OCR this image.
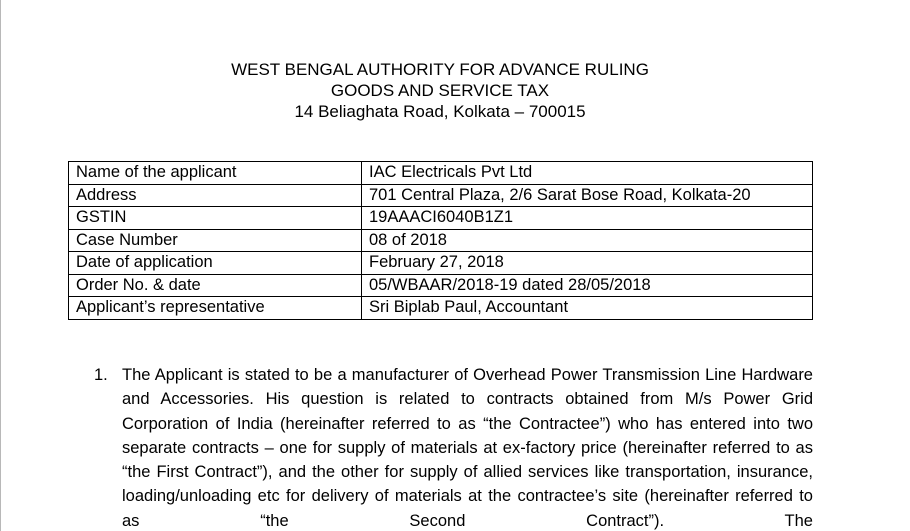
WEST BENGAL AUTHORITY FOR ADVANCE RULING
GOODS AND SERVICE TAX
14 Beliaghata Road, Kolkata – 700015
Name of the applicant	IAC Electricals Pvt Ltd
Address	701 Central Plaza, 2/6 Sarat Bose Road, Kolkata-20
GSTIN	19AAACI6040B1Z1
Case Number	08 of 2018
Date of application	February 27, 2018
Order No. & date	05/WBAAR/2018-19 dated 28/05/2018
Applicant’s representative	Sri Biplab Paul, Accountant
1. The Applicant is stated to be a manufacturer of Overhead Power Transmission Line Hardware and Accessories. His question is related to contracts obtained from M/s Power Grid Corporation of India (hereinafter referred to as “the Contractee”) who has entered into two separate contracts – one for supply of materials at ex-factory price (hereinafter referred to as “the First Contract”), and the other for supply of allied services like transportation, insurance, loading/unloading etc for delivery of materials at the contractee’s site (hereinafter referred to as “the Second Contract”). The
